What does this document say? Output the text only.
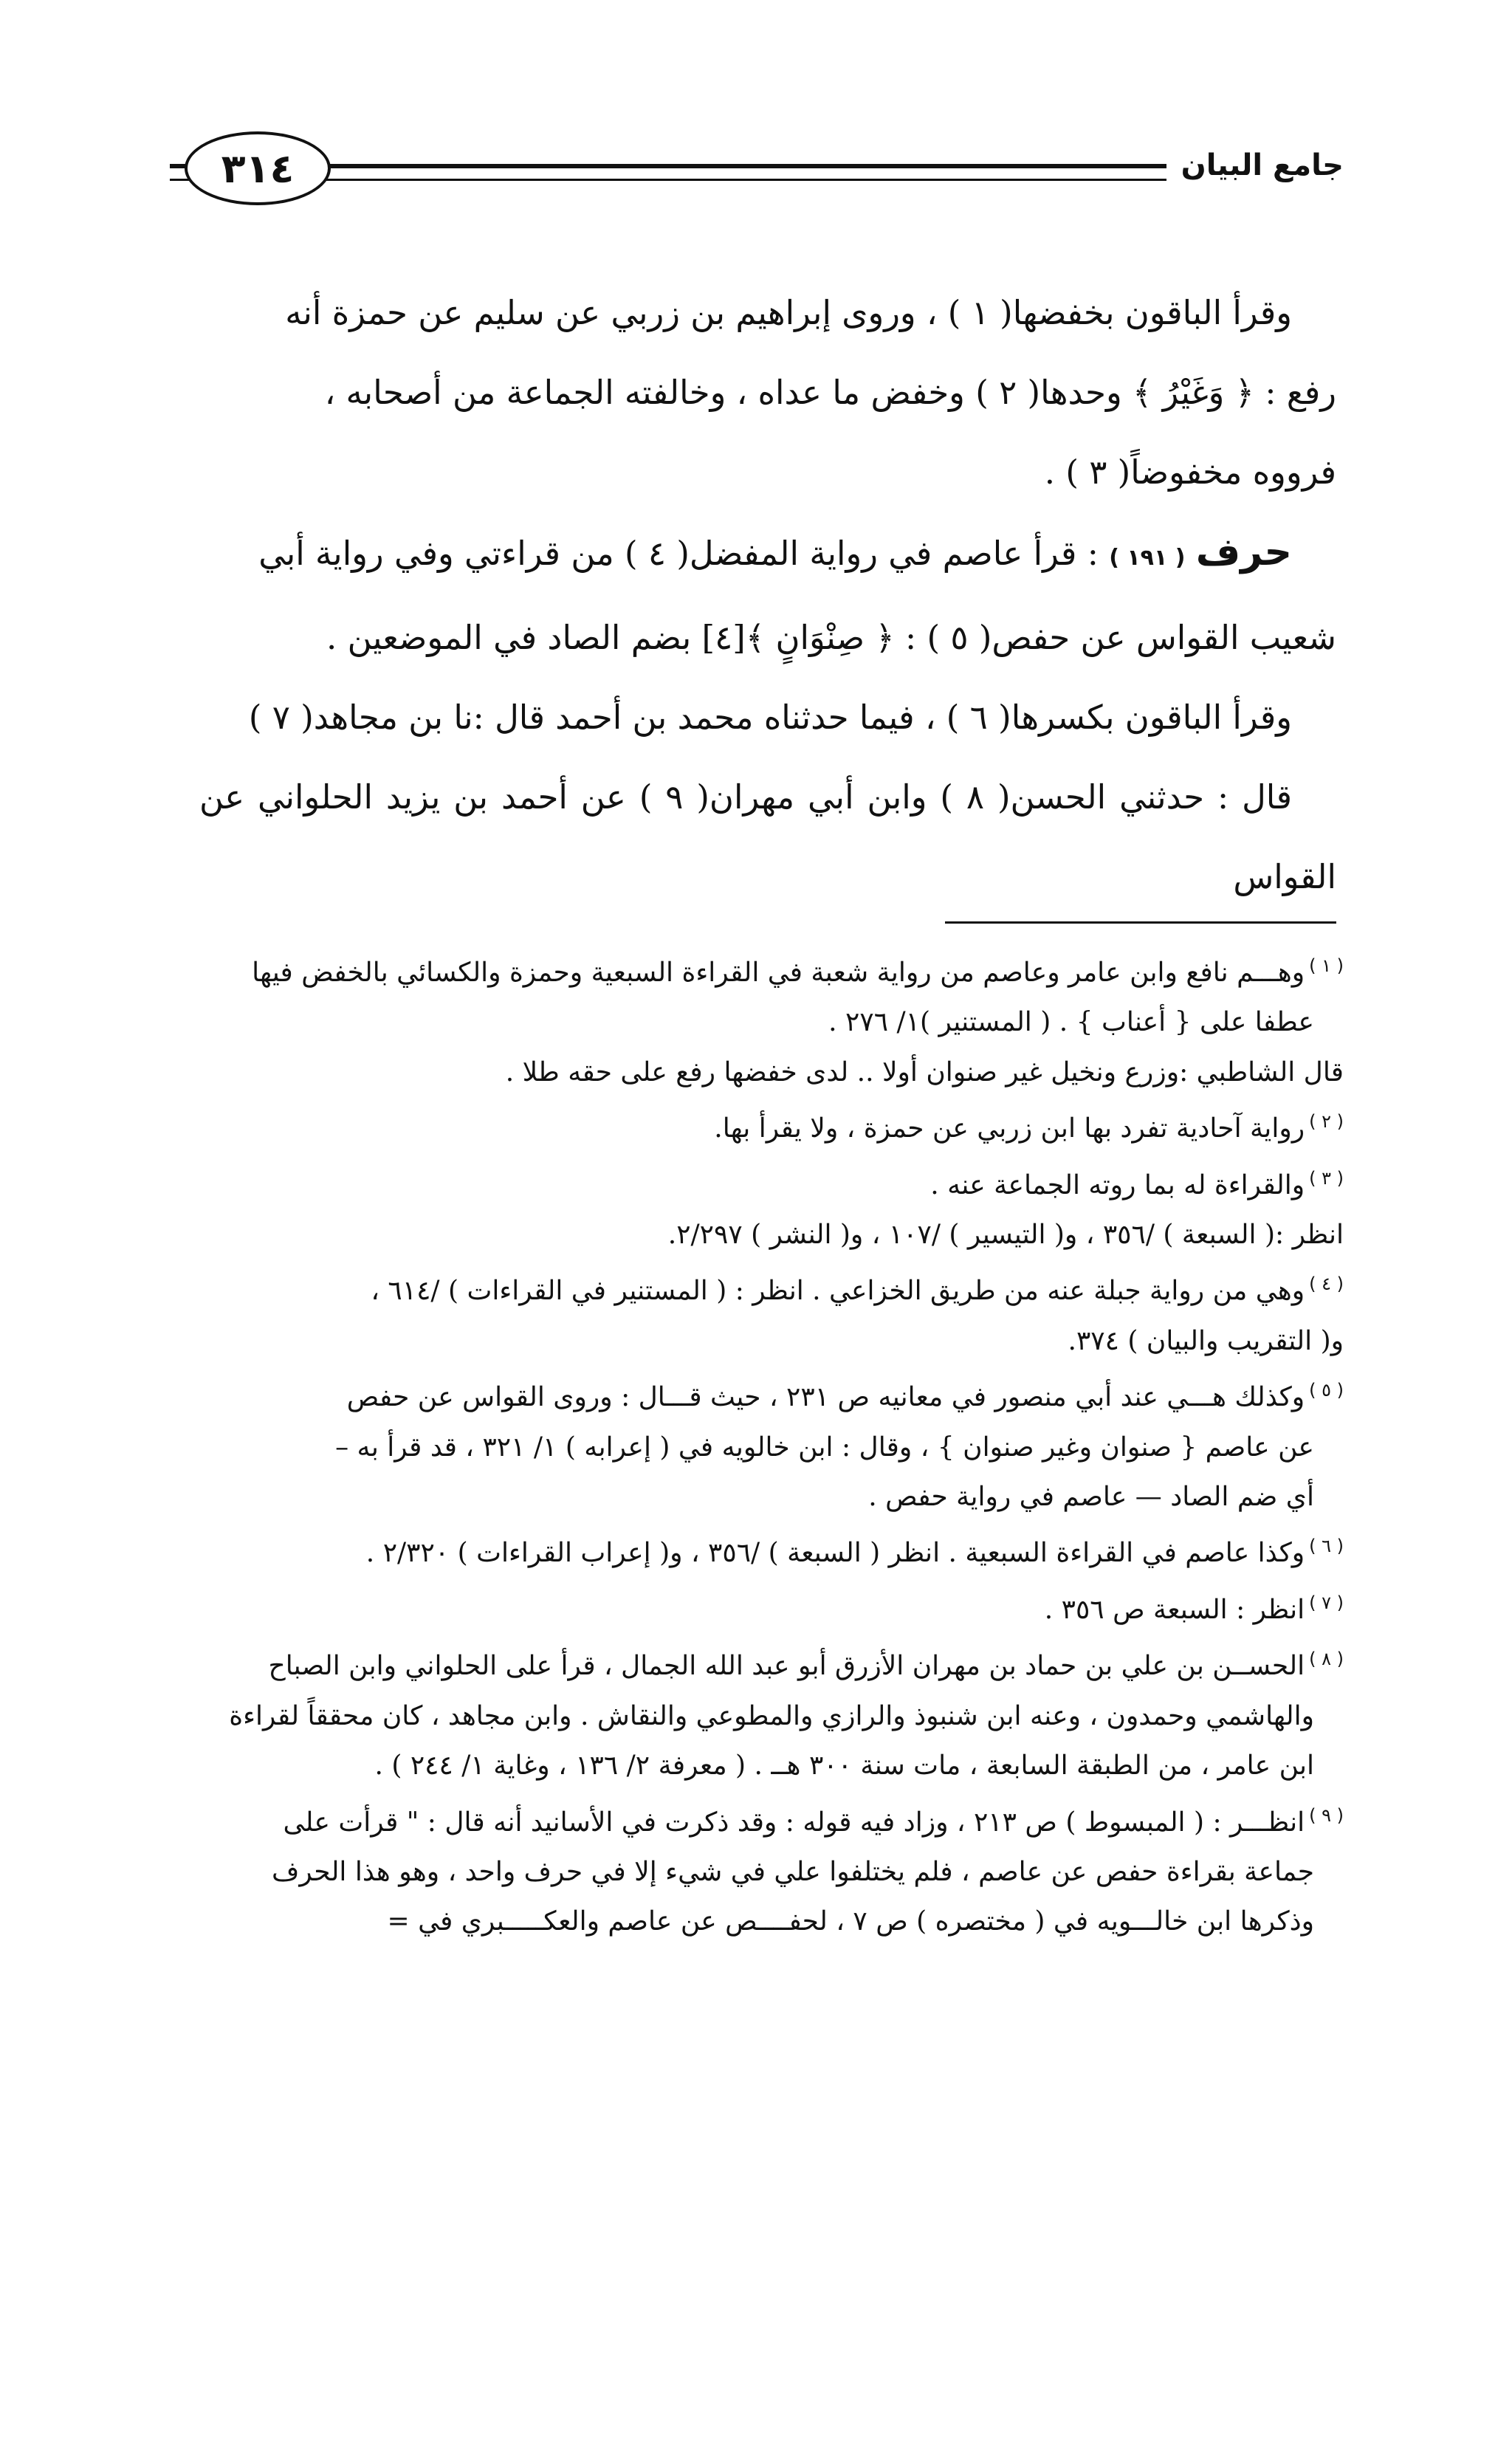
٣١٤	جامع البيان

وقرأ الباقون بخفضها( ١ ) ، وروى إبراهيم بن زربي عن سليم عن حمزة أنه

رفع : ﴿ وَغَيْرُ ﴾ وحدها( ٢ ) وخفض ما عداه ، وخالفته الجماعة من أصحابه ،

فرووه مخفوضاً( ٣ ) .

حرف ( ١٩١ ) : قرأ عاصم في رواية المفضل( ٤ ) من قراءتي وفي رواية أبي

شعيب القواس عن حفص( ٥ ) : ﴿ صِنْوَانٍ ﴾[٤] بضم الصاد في الموضعين .

وقرأ الباقون بكسرها( ٦ ) ، فيما حدثناه محمد بن أحمد قال :نا بن مجاهد( ٧ )

قال : حدثني الحسن( ٨ ) وابن أبي مهران( ٩ ) عن أحمد بن يزيد الحلواني عن القواس

$^{( ١ )}$وهـــم نافع وابن عامر وعاصم من رواية شعبة في القراءة السبعية وحمزة والكسائي بالخفض فيها

عطفا على { أعناب } . ( المستنير )١/ ٢٧٦ .

قال الشاطبي :وزرع ونخيل غير صنوان أولا .. لدى خفضها رفع على حقه طلا .

$^{( ٢ )}$رواية آحادية تفرد بها ابن زربي عن حمزة ، ولا يقرأ بها.

$^{( ٣ )}$والقراءة له بما روته الجماعة عنه .

انظر :( السبعة ) /٣٥٦ ، و( التيسير ) /١٠٧ ، و( النشر ) ٢/٢٩٧.

$^{( ٤ )}$وهي من رواية جبلة عنه من طريق الخزاعي . انظر : ( المستنير في القراءات ) /٦١٤ ،

و( التقريب والبيان ) ٣٧٤.

$^{( ٥ )}$وكذلك هـــي عند أبي منصور في معانيه ص ٢٣١ ، حيث قـــال : وروى القواس عن حفص

عن عاصم { صنوان وغير صنوان } ، وقال : ابن خالويه في ( إعرابه ) ١/ ٣٢١ ، قد قرأ به –

أي ضم الصاد — عاصم في رواية حفص .

$^{( ٦ )}$وكذا عاصم في القراءة السبعية . انظر ( السبعة ) /٣٥٦ ، و( إعراب القراءات ) ٢/٣٢٠ .

$^{( ٧ )}$انظر : السبعة ص ٣٥٦ .

$^{( ٨ )}$الحســن بن علي بن حماد بن مهران الأزرق أبو عبد الله الجمال ، قرأ على الحلواني وابن الصباح

والهاشمي وحمدون ، وعنه ابن شنبوذ والرازي والمطوعي والنقاش . وابن مجاهد ، كان محققاً لقراءة

ابن عامر ، من الطبقة السابعة ، مات سنة ٣٠٠ هــ . ( معرفة ٢/ ١٣٦ ، وغاية ١/ ٢٤٤ ) .

$^{( ٩ )}$انظـــر : ( المبسوط ) ص ٢١٣ ، وزاد فيه قوله : وقد ذكرت في الأسانيد أنه قال : " قرأت على

جماعة بقراءة حفص عن عاصم ، فلم يختلفوا علي في شيء إلا في حرف واحد ، وهو هذا الحرف

وذكرها ابن خالـــويه في ( مختصره ) ص ٧ ، لحفــــص عن عاصم والعكـــــبري في =
